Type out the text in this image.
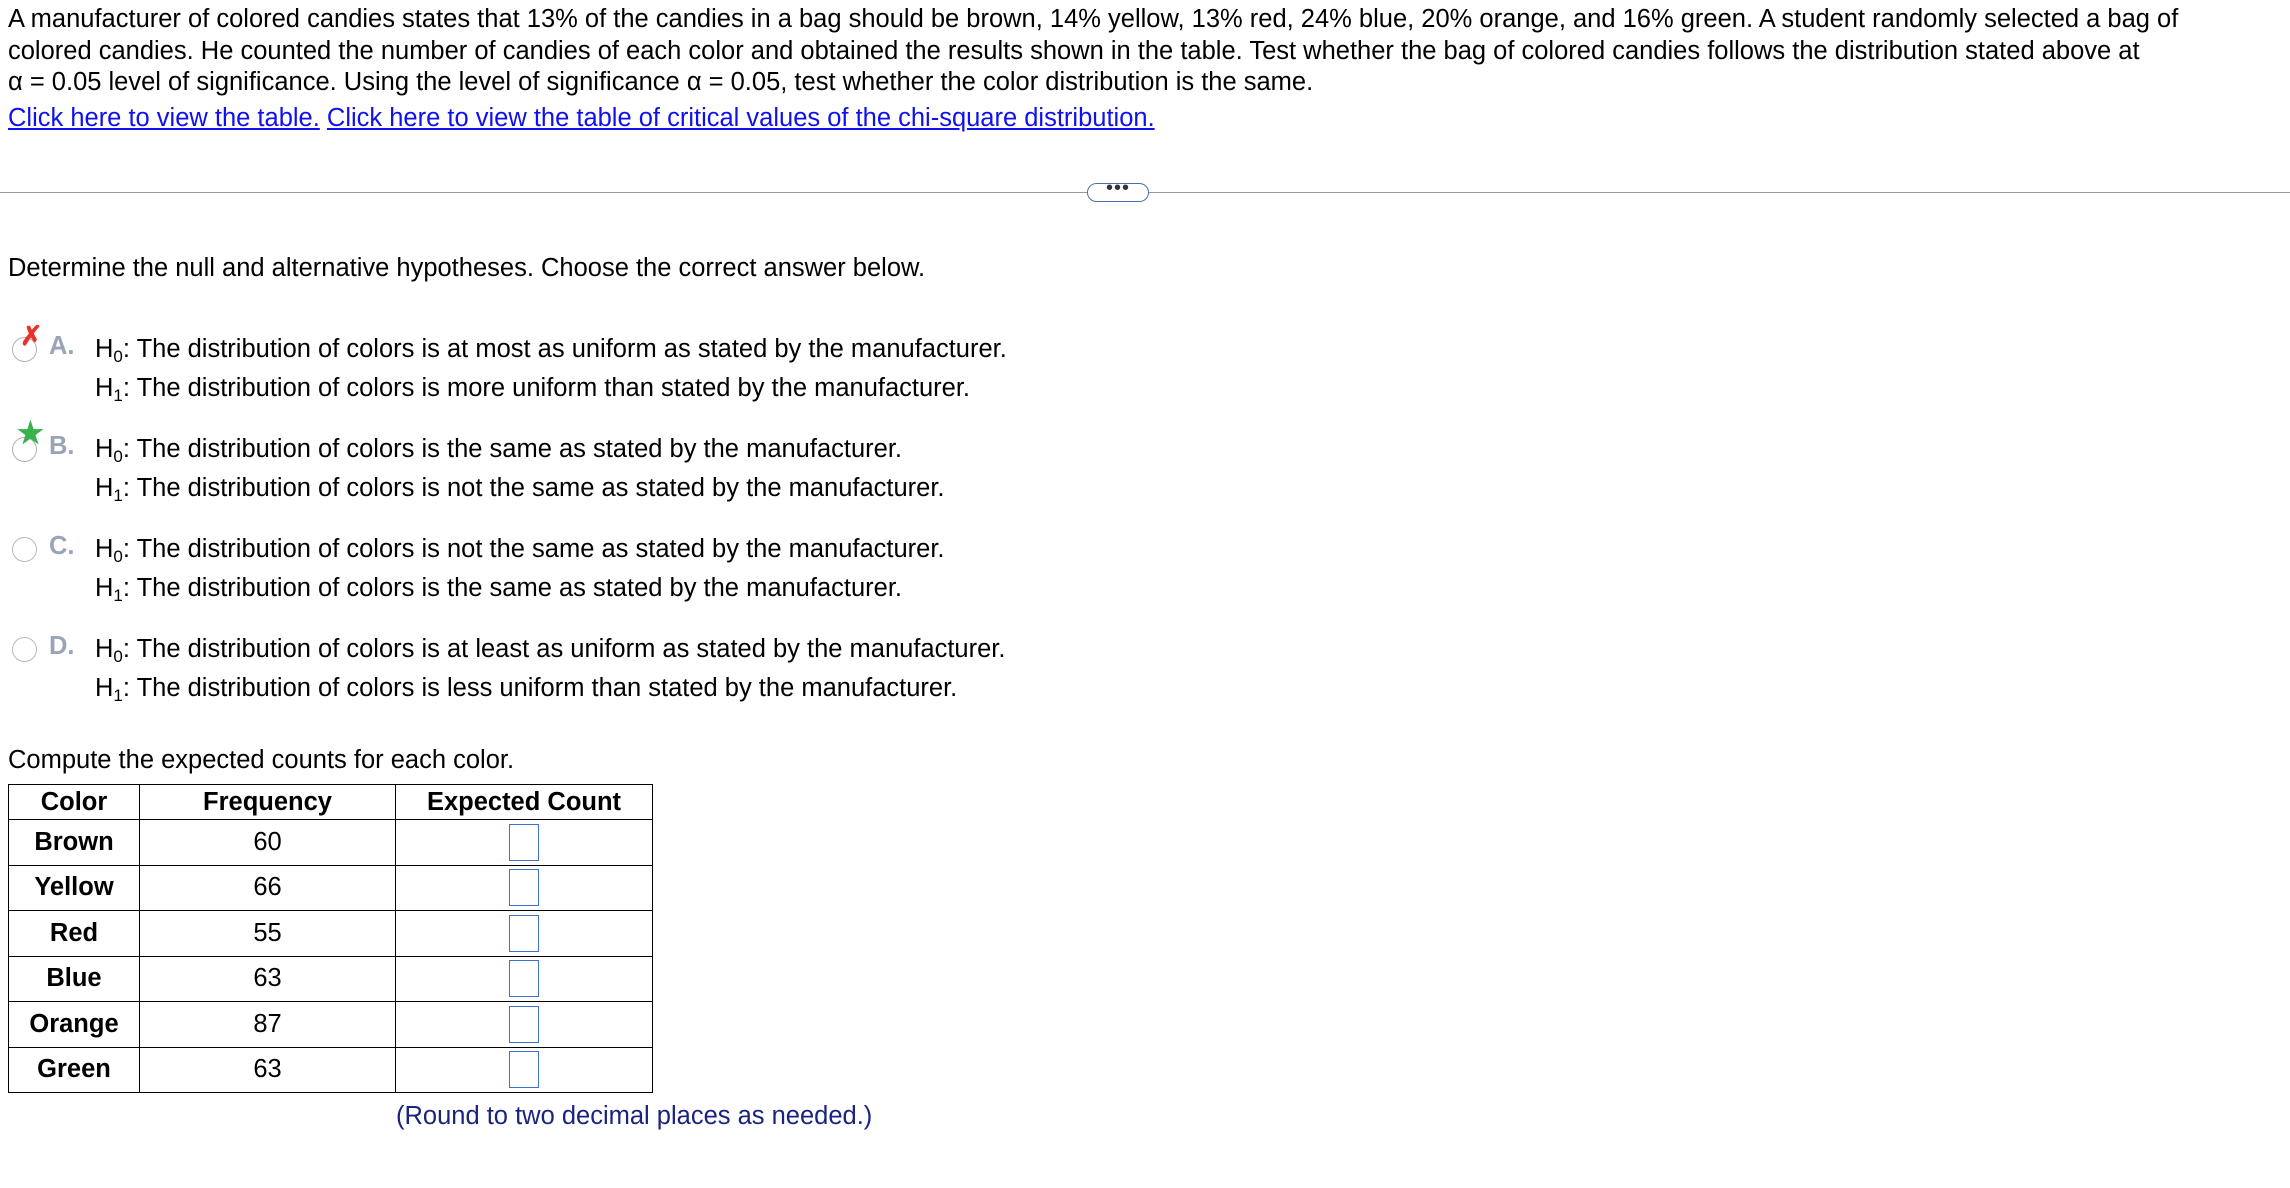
A manufacturer of colored candies states that 13% of the candies in a bag should be brown, 14% yellow, 13% red, 24% blue, 20% orange, and 16% green. A student randomly selected a bag of

colored candies. He counted the number of candies of each color and obtained the results shown in the table. Test whether the bag of colored candies follows the distribution stated above at

α = 0.05 level of significance. Using the level of significance α = 0.05, test whether the color distribution is the same.

Click here to view the table. Click here to view the table of critical values of the chi-square distribution.
•••
Determine the null and alternative hypotheses. Choose the correct answer below.
✗ A. $H_0$: The distribution of colors is at most as uniform as stated by the manufacturer.
$H_1$: The distribution of colors is more uniform than stated by the manufacturer.
★ B. $H_0$: The distribution of colors is the same as stated by the manufacturer.
$H_1$: The distribution of colors is not the same as stated by the manufacturer.
C. $H_0$: The distribution of colors is not the same as stated by the manufacturer.
$H_1$: The distribution of colors is the same as stated by the manufacturer.
D. $H_0$: The distribution of colors is at least as uniform as stated by the manufacturer.
$H_1$: The distribution of colors is less uniform than stated by the manufacturer.
Compute the expected counts for each color.
Color	Frequency	Expected Count
Brown	60	
Yellow	66	
Red	55	
Blue	63	
Orange	87	
Green	63	
(Round to two decimal places as needed.)
